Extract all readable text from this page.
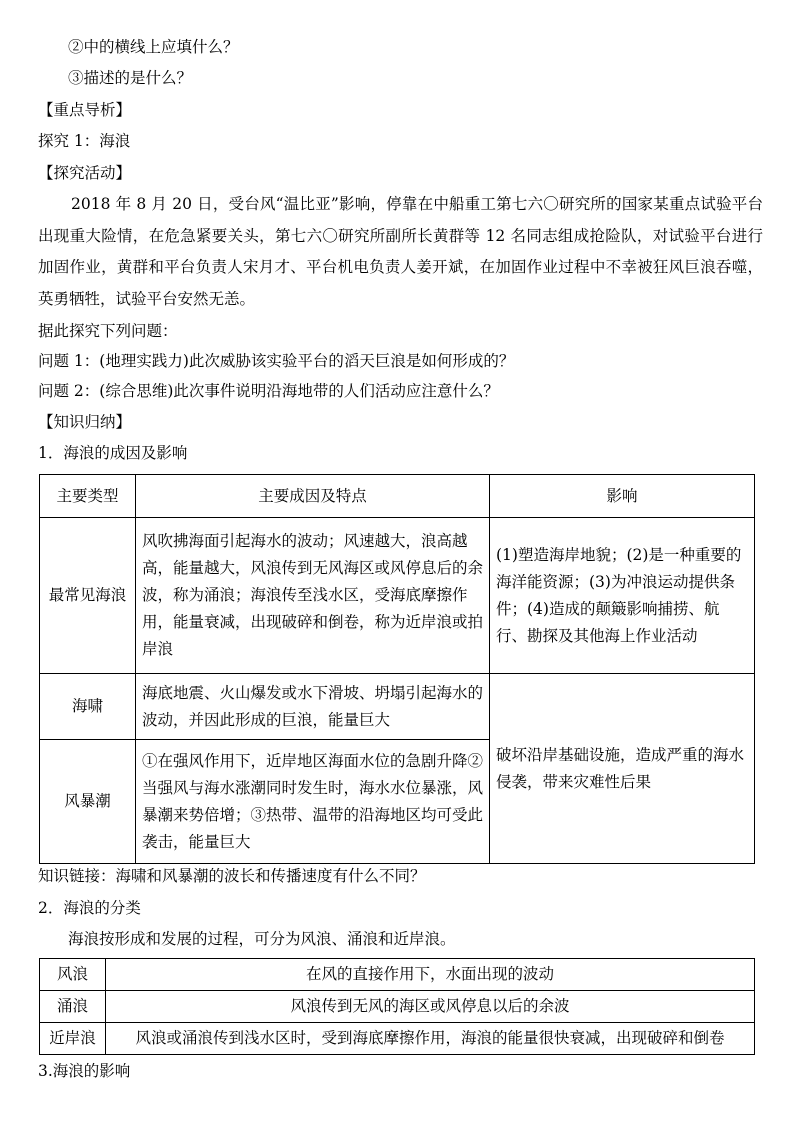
②中的横线上应填什么？
③描述的是什么？
【重点导析】
探究 1：海浪
【探究活动】
2018 年 8 月 20 日，受台风“温比亚”影响，停靠在中船重工第七六〇研究所的国家某重点试验平台出现重大险情，在危急紧要关头，第七六〇研究所副所长黄群等 12 名同志组成抢险队，对试验平台进行加固作业，黄群和平台负责人宋月才、平台机电负责人姜开斌，在加固作业过程中不幸被狂风巨浪吞噬，英勇牺牲，试验平台安然无恙。
据此探究下列问题：
问题 1：(地理实践力)此次威胁该实验平台的滔天巨浪是如何形成的？
问题 2：(综合思维)此次事件说明沿海地带的人们活动应注意什么？
【知识归纳】
1．海浪的成因及影响
主要类型	主要成因及特点	影响
最常见海浪	风吹拂海面引起海水的波动；风速越大，浪高越高，能量越大，风浪传到无风海区或风停息后的余波，称为涌浪；海浪传至浅水区，受海底摩擦作用，能量衰减，出现破碎和倒卷，称为近岸浪或拍岸浪	(1)塑造海岸地貌；(2)是一种重要的海洋能资源；(3)为冲浪运动提供条件；(4)造成的颠簸影响捕捞、航行、勘探及其他海上作业活动
海啸	海底地震、火山爆发或水下滑坡、坍塌引起海水的波动，并因此形成的巨浪，能量巨大	破坏沿岸基础设施，造成严重的海水侵袭，带来灾难性后果
风暴潮	①在强风作用下，近岸地区海面水位的急剧升降②当强风与海水涨潮同时发生时，海水水位暴涨，风暴潮来势倍增；③热带、温带的沿海地区均可受此袭击，能量巨大	
知识链接：海啸和风暴潮的波长和传播速度有什么不同？
2．海浪的分类
海浪按形成和发展的过程，可分为风浪、涌浪和近岸浪。
风浪	在风的直接作用下，水面出现的波动
涌浪	风浪传到无风的海区或风停息以后的余波
近岸浪	风浪或涌浪传到浅水区时，受到海底摩擦作用，海浪的能量很快衰减，出现破碎和倒卷
3.海浪的影响
